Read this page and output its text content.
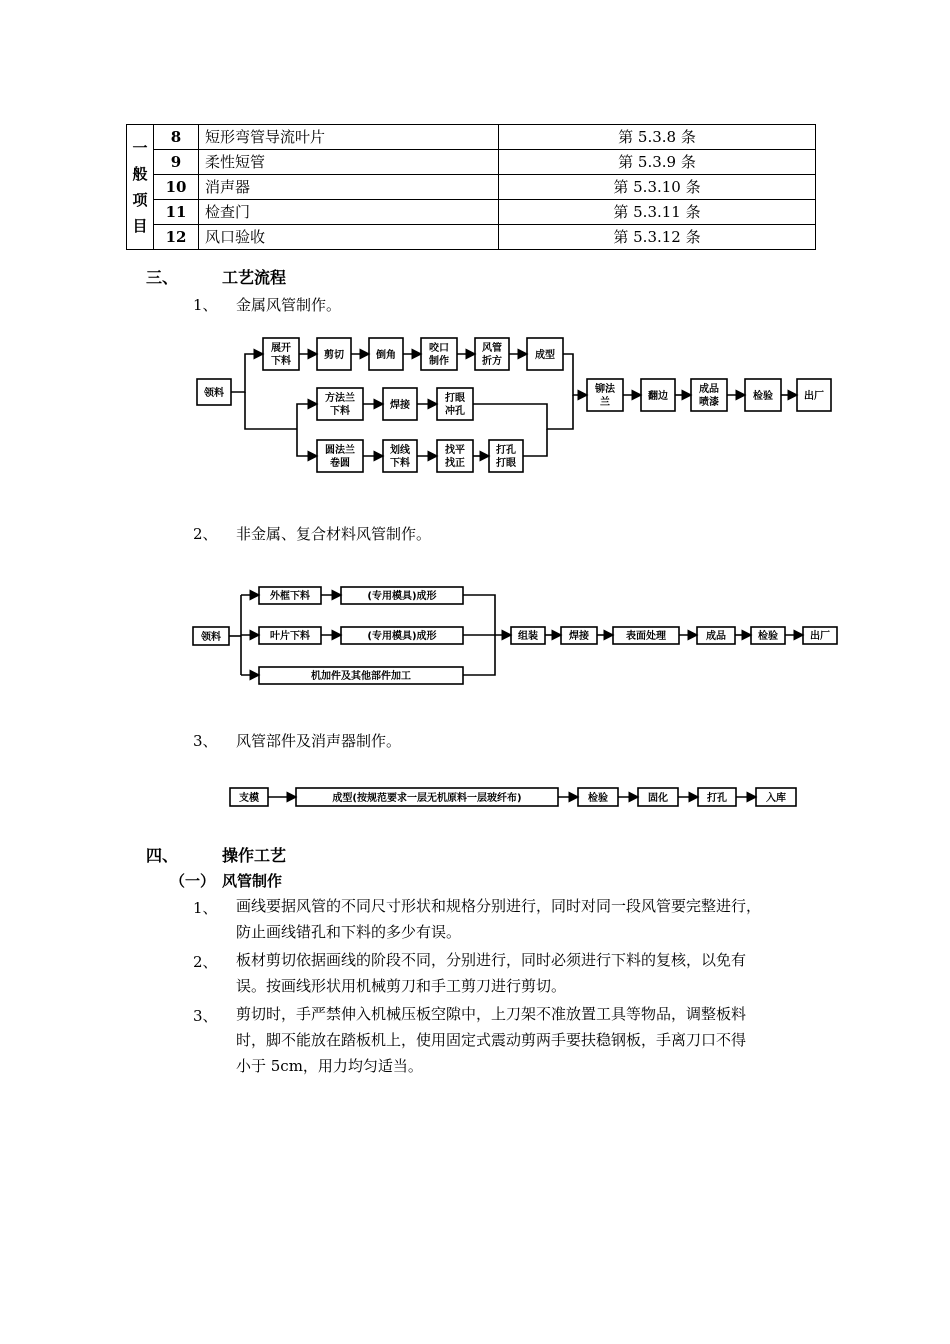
一
般
项
目	8	短形弯管导流叶片	第 5.3.8 条
	9	柔性短管	第 5.3.9 条
	10	消声器	第 5.3.10 条
	11	检查门	第 5.3.11 条
	12	风口验收	第 5.3.12 条
三、	工艺流程
1、 金属风管制作。
领料
展开
下料
剪切	倒角
咬口
制作
风管
折方
成型
方法兰
下料
焊接
打眼
冲孔
圆法兰
卷圆
划线
下料
找平
找正
打孔
打眼
铆法
兰
翻边
成品
喷漆
检验	出厂
2、 非金属、复合材料风管制作。
领料
外框下料	(专用模具)成形
叶片下料	(专用模具)成形
机加件及其他部件加工
组装	焊接	表面处理	成品	检验	出厂
3、 风管部件及消声器制作。
支模	成型(按规范要求一层无机原料一层玻纤布)	检验	固化	打孔	入库
四、	操作工艺
（一） 风管制作
1、 画线要据风管的不同尺寸形状和规格分别进行，同时对同一段风管要完整进行，
防止画线错孔和下料的多少有误。
2、 板材剪切依据画线的阶段不同，分别进行，同时必须进行下料的复核，以免有
误。按画线形状用机械剪刀和手工剪刀进行剪切。
3、 剪切时，手严禁伸入机械压板空隙中，上刀架不准放置工具等物品，调整板料
时，脚不能放在踏板机上，使用固定式震动剪两手要扶稳钢板，手离刀口不得
小于 5cm，用力均匀适当。
